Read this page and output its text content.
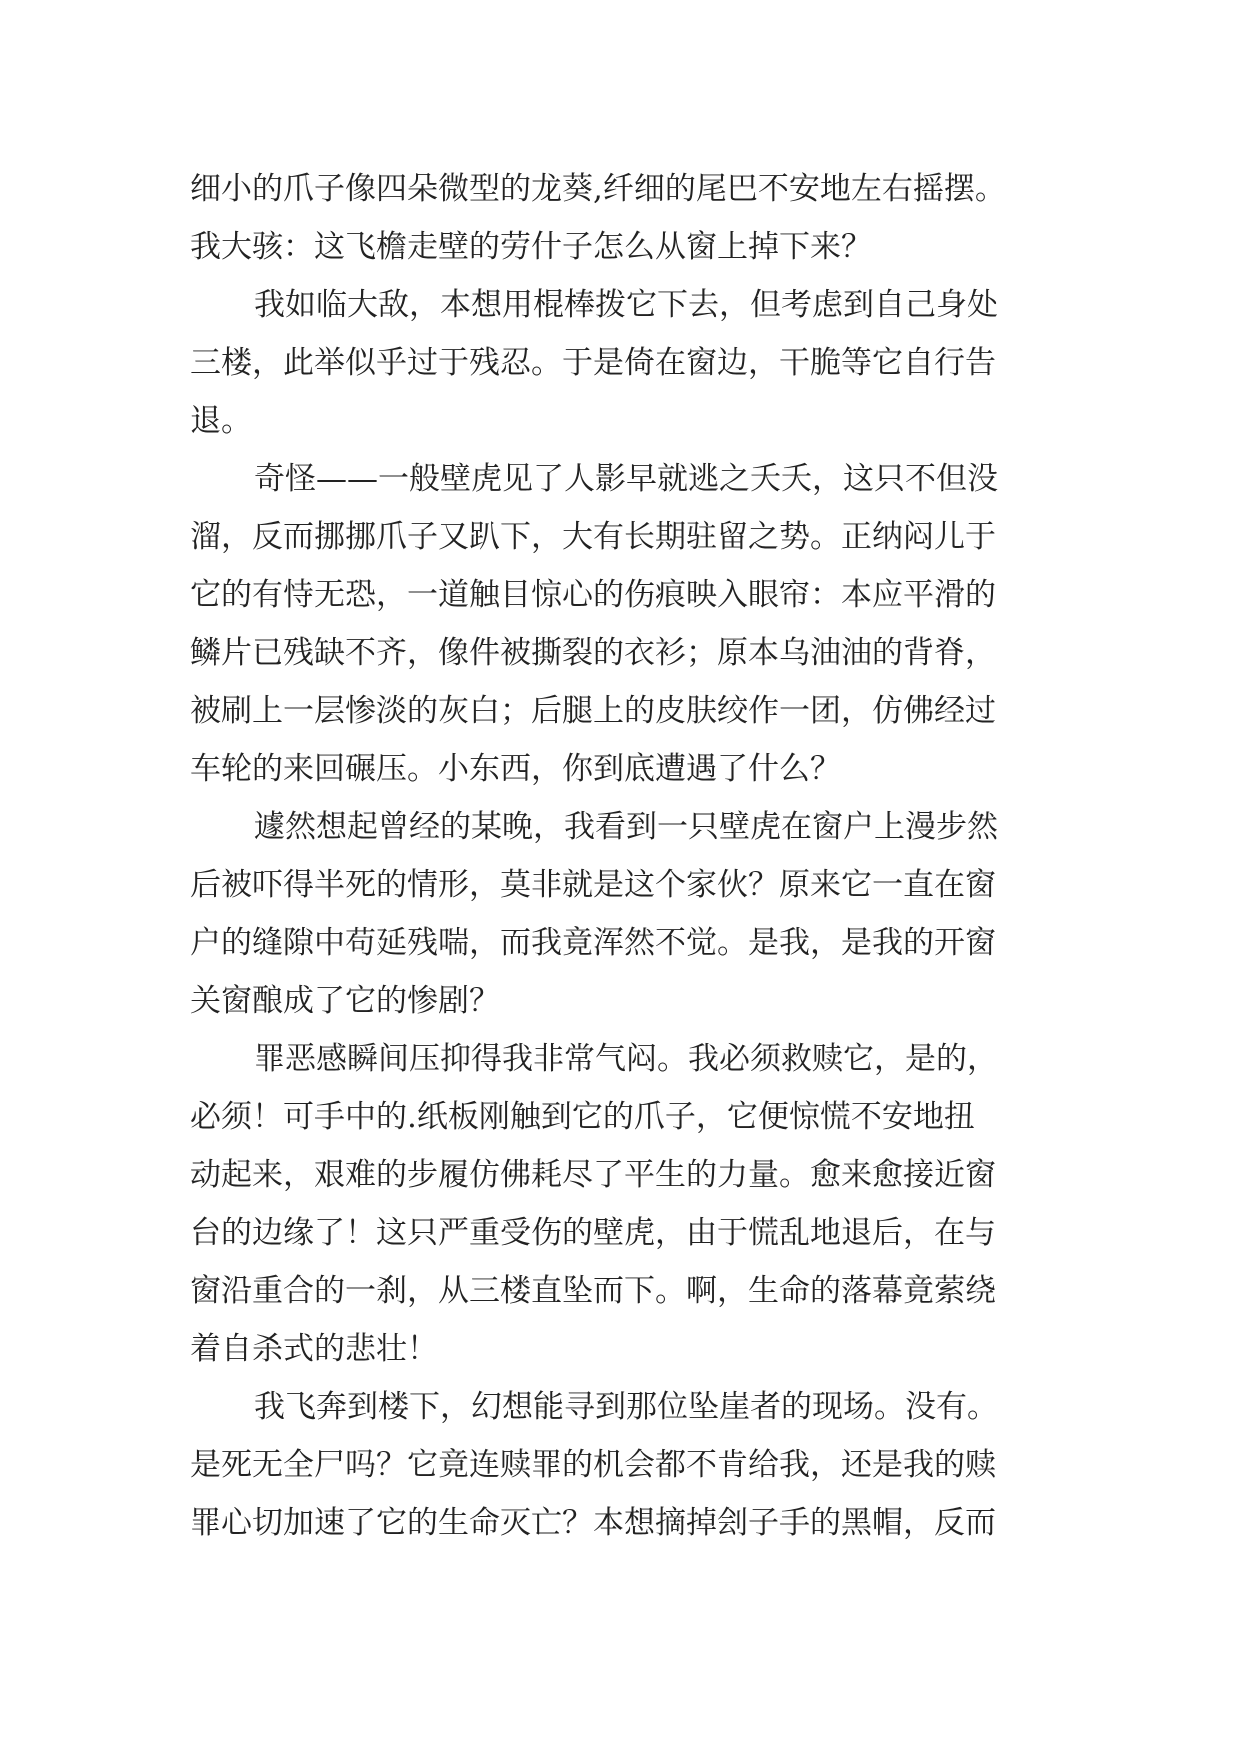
细小的爪子像四朵微型的龙葵,纤细的尾巴不安地左右摇摆。
我大骇：这飞檐走壁的劳什子怎么从窗上掉下来？
我如临大敌，本想用棍棒拨它下去，但考虑到自己身处
三楼，此举似乎过于残忍。于是倚在窗边，干脆等它自行告
退。
奇怪——一般壁虎见了人影早就逃之夭夭，这只不但没
溜，反而挪挪爪子又趴下，大有长期驻留之势。正纳闷儿于
它的有恃无恐，一道触目惊心的伤痕映入眼帘：本应平滑的
鳞片已残缺不齐，像件被撕裂的衣衫；原本乌油油的背脊，
被刷上一层惨淡的灰白；后腿上的皮肤绞作一团，仿佛经过
车轮的来回碾压。小东西，你到底遭遇了什么？
遽然想起曾经的某晚，我看到一只壁虎在窗户上漫步然
后被吓得半死的情形，莫非就是这个家伙？原来它一直在窗
户的缝隙中苟延残喘，而我竟浑然不觉。是我，是我的开窗
关窗酿成了它的惨剧？
罪恶感瞬间压抑得我非常气闷。我必须救赎它，是的，
必须！可手中的.纸板刚触到它的爪子，它便惊慌不安地扭
动起来，艰难的步履仿佛耗尽了平生的力量。愈来愈接近窗
台的边缘了！这只严重受伤的壁虎，由于慌乱地退后，在与
窗沿重合的一刹，从三楼直坠而下。啊，生命的落幕竟萦绕
着自杀式的悲壮！
我飞奔到楼下，幻想能寻到那位坠崖者的现场。没有。
是死无全尸吗？它竟连赎罪的机会都不肯给我，还是我的赎
罪心切加速了它的生命灭亡？本想摘掉刽子手的黑帽，反而
